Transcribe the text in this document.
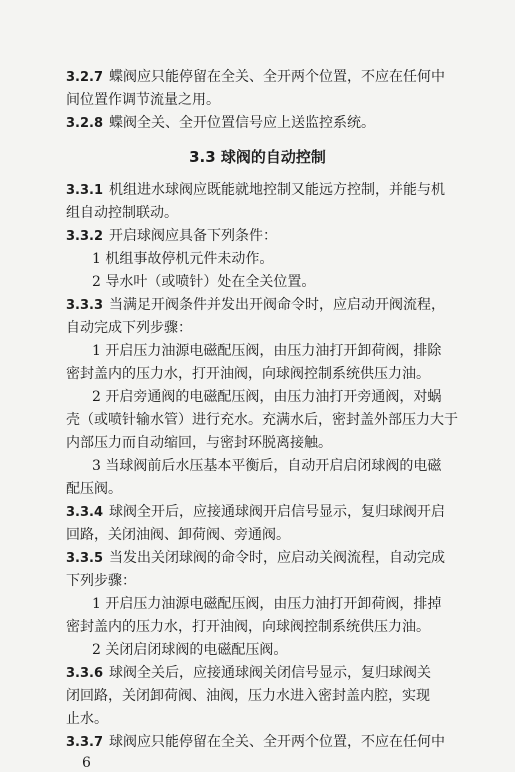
3.2.7 蝶阀应只能停留在全关、全开两个位置，不应在任何中
间位置作调节流量之用。
3.2.8 蝶阀全关、全开位置信号应上送监控系统。
3.3 球阀的自动控制
3.3.1 机组进水球阀应既能就地控制又能远方控制，并能与机
组自动控制联动。
3.3.2 开启球阀应具备下列条件：
1 机组事故停机元件未动作。
2 导水叶（或喷针）处在全关位置。
3.3.3 当满足开阀条件并发出开阀命令时，应启动开阀流程，
自动完成下列步骤：
1 开启压力油源电磁配压阀，由压力油打开卸荷阀，排除
密封盖内的压力水，打开油阀，向球阀控制系统供压力油。
2 开启旁通阀的电磁配压阀，由压力油打开旁通阀，对蜗
壳（或喷针输水管）进行充水。充满水后，密封盖外部压力大于
内部压力而自动缩回，与密封环脱离接触。
3 当球阀前后水压基本平衡后，自动开启启闭球阀的电磁
配压阀。
3.3.4 球阀全开后，应接通球阀开启信号显示，复归球阀开启
回路，关闭油阀、卸荷阀、旁通阀。
3.3.5 当发出关闭球阀的命令时，应启动关阀流程，自动完成
下列步骤：
1 开启压力油源电磁配压阀，由压力油打开卸荷阀，排掉
密封盖内的压力水，打开油阀，向球阀控制系统供压力油。
2 关闭启闭球阀的电磁配压阀。
3.3.6 球阀全关后，应接通球阀关闭信号显示，复归球阀关
闭回路，关闭卸荷阀、油阀，压力水进入密封盖内腔，实现
止水。
3.3.7 球阀应只能停留在全关、全开两个位置，不应在任何中
6
